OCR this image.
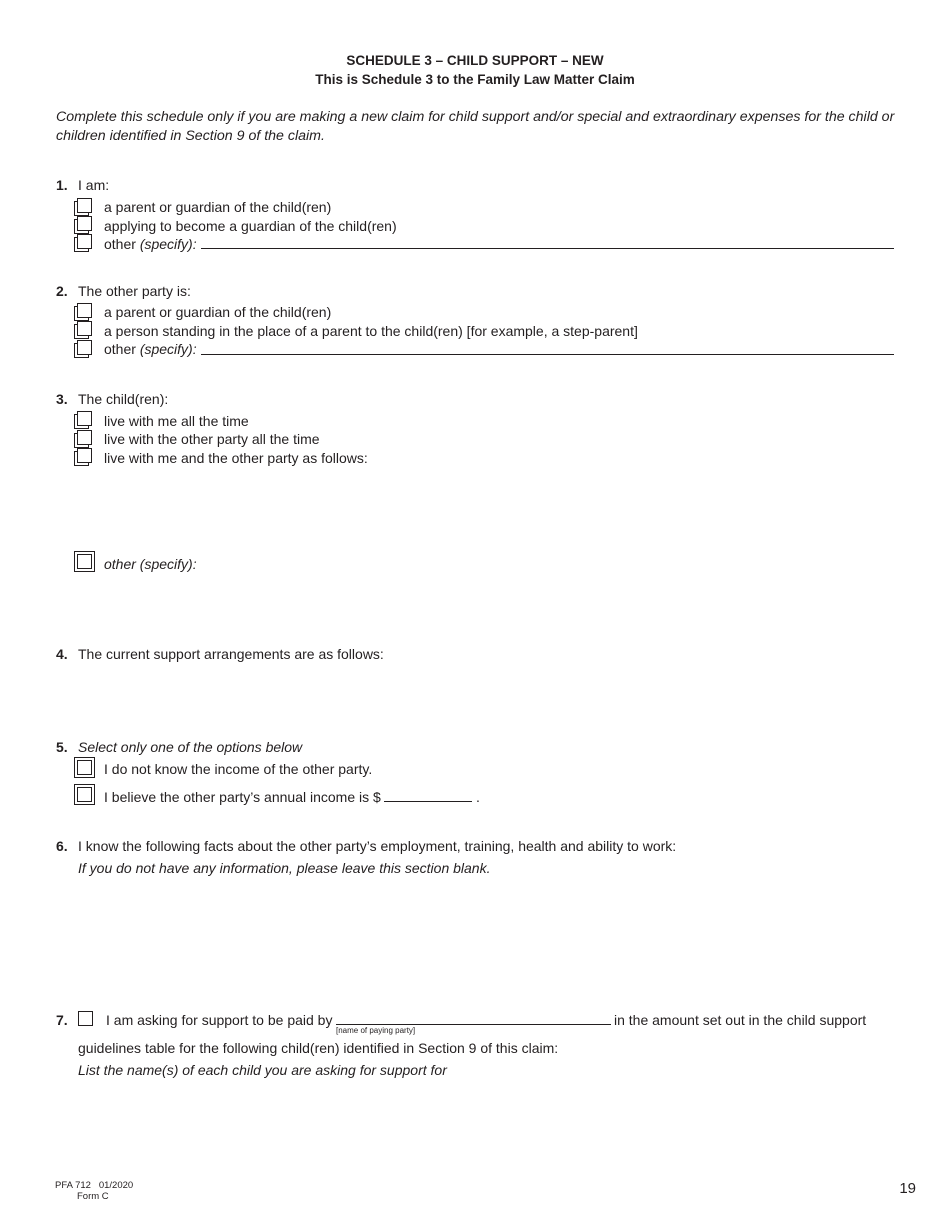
SCHEDULE 3 – CHILD SUPPORT – NEW
This is Schedule 3 to the Family Law Matter Claim
Complete this schedule only if you are making a new claim for child support and/or special and extraordinary expenses for the child or children identified in Section 9 of the claim.
1. I am:
a parent or guardian of the child(ren)
applying to become a guardian of the child(ren)
other (specify):
2. The other party is:
a parent or guardian of the child(ren)
a person standing in the place of a parent to the child(ren) [for example, a step-parent]
other (specify):
3. The child(ren):
live with me all the time
live with the other party all the time
live with me and the other party as follows:
other (specify):
4. The current support arrangements are as follows:
5. Select only one of the options below
I do not know the income of the other party.
I believe the other party’s annual income is $	.
6. I know the following facts about the other party’s employment, training, health and ability to work:
If you do not have any information, please leave this section blank.
7.	I am asking for support to be paid by
[name of paying party]
in the amount set out in the child support
guidelines table for the following child(ren) identified in Section 9 of this claim:
List the name(s) of each child you are asking for support for
PFA 712 01/2020
Form C	19
